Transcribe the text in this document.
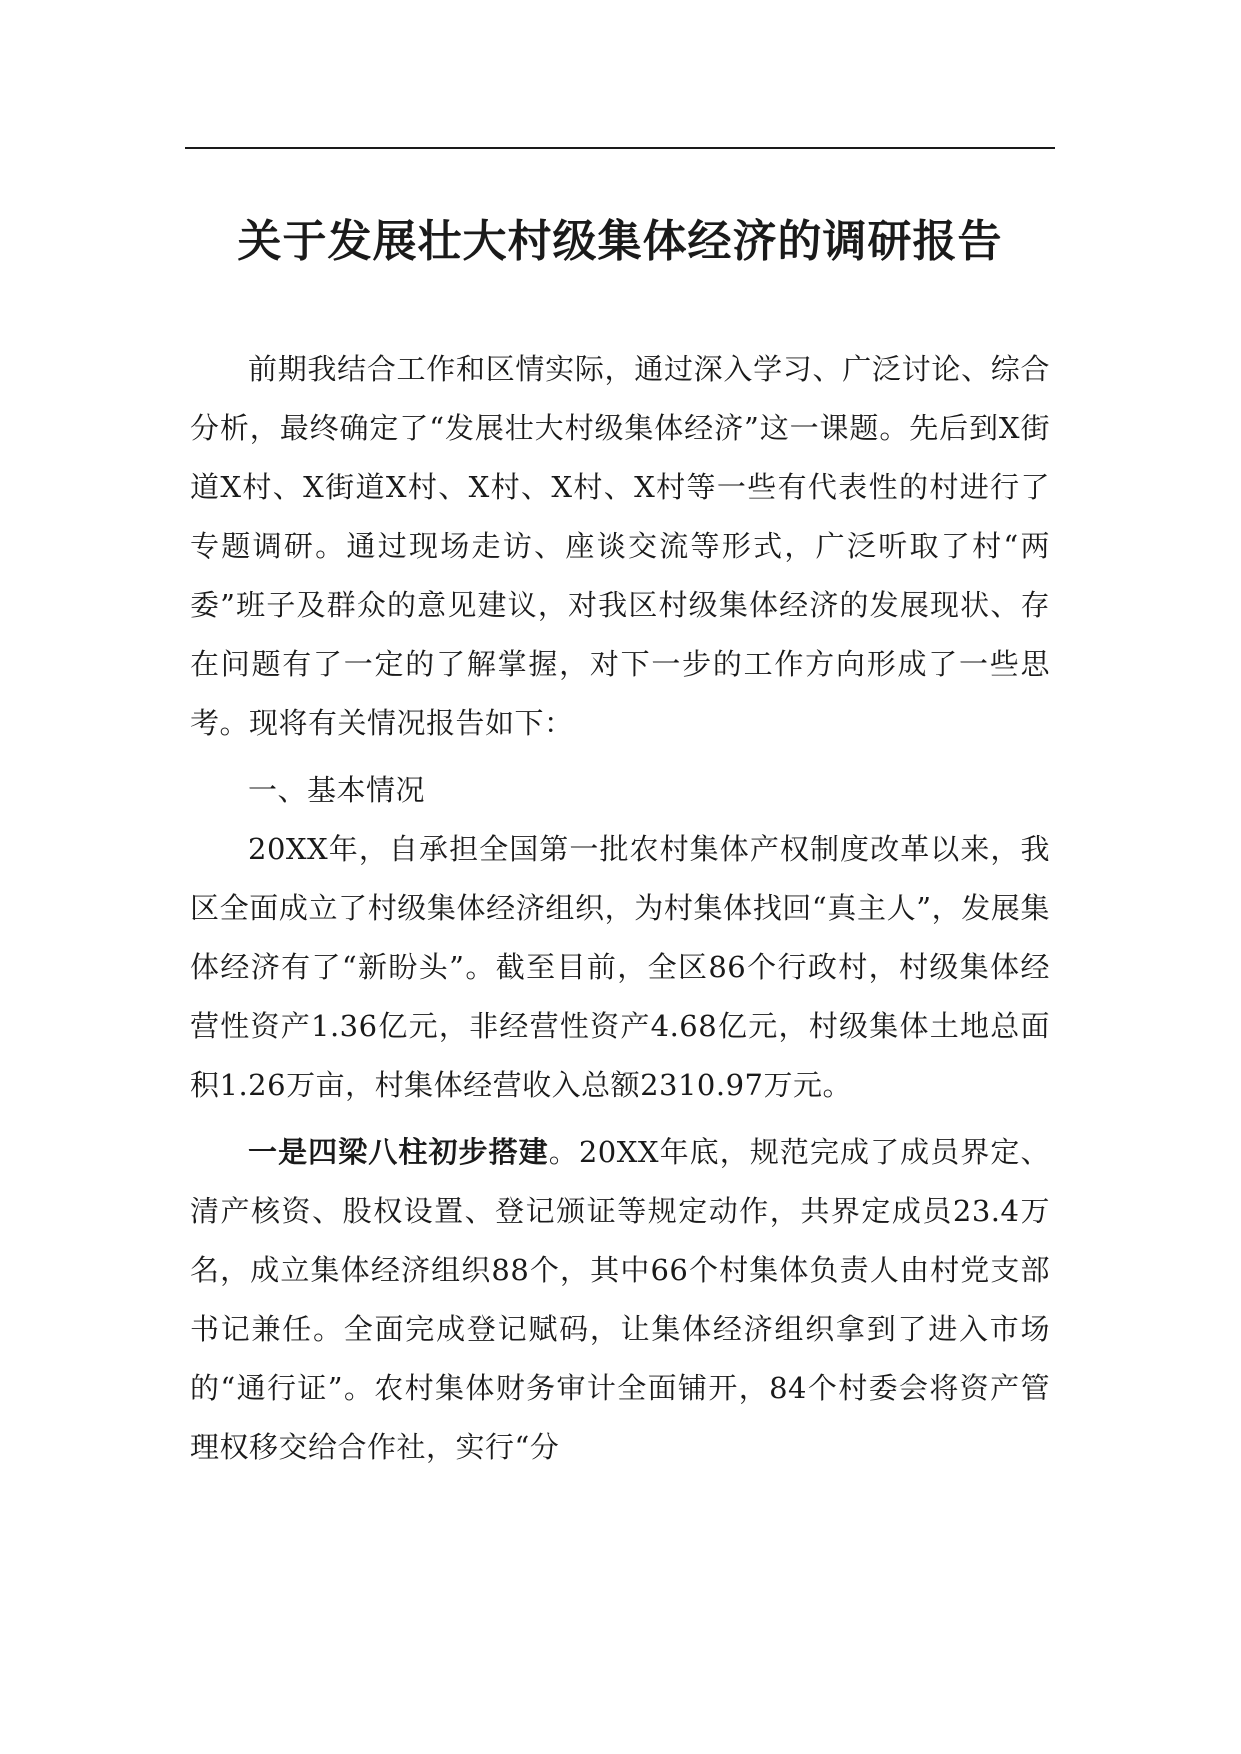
关于发展壮大村级集体经济的调研报告

前期我结合工作和区情实际，通过深入学习、广泛讨论、综合分析，最终确定了“发展壮大村级集体经济”这一课题。先后到X街道X村、X街道X村、X村、X村、X村等一些有代表性的村进行了专题调研。通过现场走访、座谈交流等形式，广泛听取了村“两委”班子及群众的意见建议，对我区村级集体经济的发展现状、存在问题有了一定的了解掌握，对下一步的工作方向形成了一些思考。现将有关情况报告如下：

一、基本情况

20XX年，自承担全国第一批农村集体产权制度改革以来，我区全面成立了村级集体经济组织，为村集体找回“真主人”，发展集体经济有了“新盼头”。截至目前，全区86个行政村，村级集体经营性资产1.36亿元，非经营性资产4.68亿元，村级集体土地总面积1.26万亩，村集体经营收入总额2310.97万元。

一是四梁八柱初步搭建。20XX年底，规范完成了成员界定、清产核资、股权设置、登记颁证等规定动作，共界定成员23.4万名，成立集体经济组织88个，其中66个村集体负责人由村党支部书记兼任。全面完成登记赋码，让集体经济组织拿到了进入市场的“通行证”。农村集体财务审计全面铺开，84个村委会将资产管理权移交给合作社，实行“分
